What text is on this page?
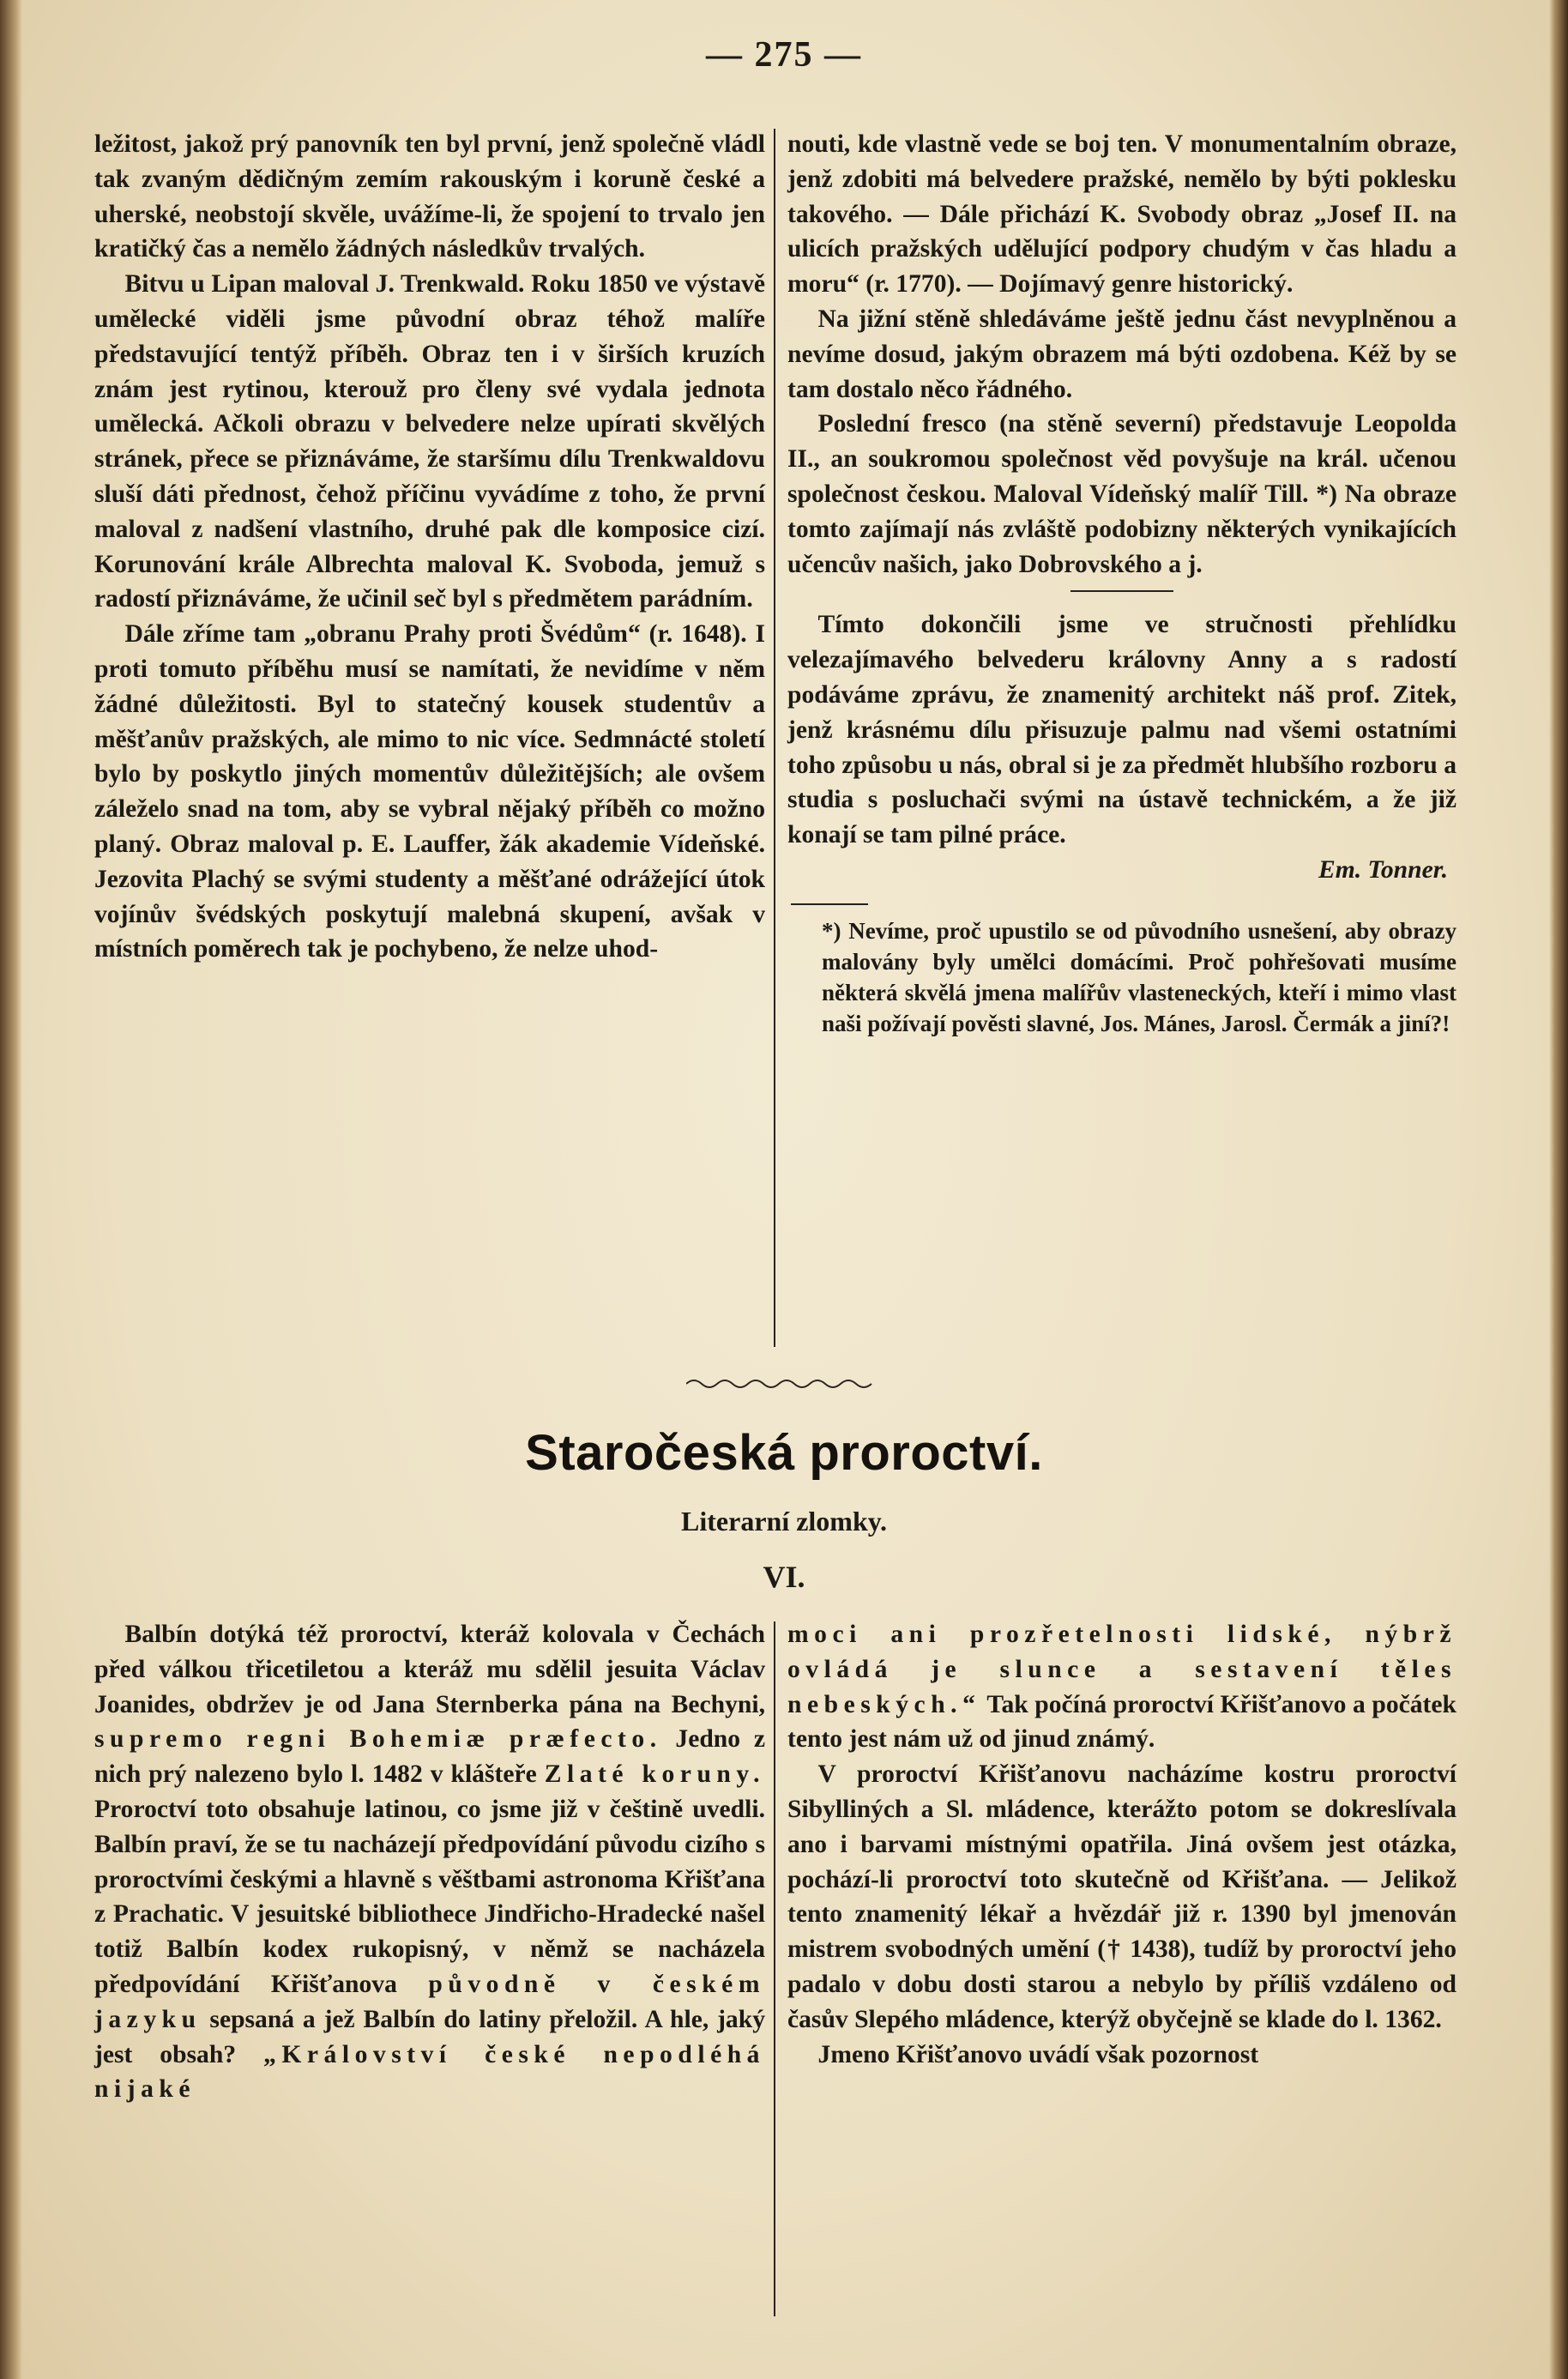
— 275 —

ležitost, jakož prý panovník ten byl první, jenž společně vládl tak zvaným dědičným zemím rakouským i koruně české a uherské, neobstojí skvěle, uvážíme-li, že spojení to trvalo jen kratičký čas a nemělo žádných následkův trvalých.

Bitvu u Lipan maloval J. Trenkwald. Roku 1850 ve výstavě umělecké viděli jsme původní obraz téhož malíře představující tentýž příběh. Obraz ten i v širších kruzích znám jest rytinou, kterouž pro členy své vydala jednota umělecká. Ačkoli obrazu v belvedere nelze upírati skvělých stránek, přece se přiznáváme, že staršímu dílu Trenkwaldovu sluší dáti přednost, čehož příčinu vyvádíme z toho, že první maloval z nadšení vlastního, druhé pak dle komposice cizí. Korunování krále Albrechta maloval K. Svoboda, jemuž s radostí přiznáváme, že učinil seč byl s předmětem parádním.

Dále zříme tam „obranu Prahy proti Švédům“ (r. 1648). I proti tomuto příběhu musí se namítati, že nevidíme v něm žádné důležitosti. Byl to statečný kousek studentův a měšťanův pražských, ale mimo to nic více. Sedmnácté století bylo by poskytlo jiných momentův důležitějších; ale ovšem záleželo snad na tom, aby se vybral nějaký příběh co možno planý. Obraz maloval p. E. Lauffer, žák akademie Vídeňské. Jezovita Plachý se svými studenty a měšťané odrážející útok vojínův švédských poskytují malebná skupení, avšak v místních poměrech tak je pochybeno, že nelze uhod-

nouti, kde vlastně vede se boj ten. V monumentalním obraze, jenž zdobiti má belvedere pražské, nemělo by býti poklesku takového. — Dále přichází K. Svobody obraz „Josef II. na ulicích pražských udělující podpory chudým v čas hladu a moru“ (r. 1770). — Dojímavý genre historický.

Na jižní stěně shledáváme ještě jednu část nevyplněnou a nevíme dosud, jakým obrazem má býti ozdobena. Kéž by se tam dostalo něco řádného.

Poslední fresco (na stěně severní) představuje Leopolda II., an soukromou společnost věd povyšuje na král. učenou společnost českou. Maloval Vídeňský malíř Till. *) Na obraze tomto zajímají nás zvláště podobizny některých vynikajících učencův našich, jako Dobrovského a j.

Tímto dokončili jsme ve stručnosti přehlídku velezajímavého belvederu královny Anny a s radostí podáváme zprávu, že znamenitý architekt náš prof. Zitek, jenž krásnému dílu přisuzuje palmu nad všemi ostatními toho způsobu u nás, obral si je za předmět hlubšího rozboru a studia s posluchači svými na ústavě technickém, a že již konají se tam pilné práce.

Em. Tonner.

*) Nevíme, proč upustilo se od původního usnešení, aby obrazy malovány byly umělci domácími. Proč pohřešovati musíme některá skvělá jmena malířův vlasteneckých, kteří i mimo vlast naši požívají pověsti slavné, Jos. Mánes, Jarosl. Čermák a jiní?!

Staročeská proroctví.
Literarní zlomky.
VI.

Balbín dotýká též proroctví, kteráž kolovala v Čechách před válkou třicetiletou a kteráž mu sdělil jesuita Václav Joanides, obdržev je od Jana Sternberka pána na Bechyni, supremo regni Bohemiæ præfecto. Jedno z nich prý nalezeno bylo l. 1482 v klášteře Zlaté koruny. Proroctví toto obsahuje latinou, co jsme již v češtině uvedli. Balbín praví, že se tu nacházejí předpovídání původu cizího s proroctvími českými a hlavně s věštbami astronoma Křišťana z Prachatic. V jesuitské bibliothece Jindřicho-Hradecké našel totiž Balbín kodex rukopisný, v němž se nacházela předpovídání Křišťanova původně v českém jazyku sepsaná a jež Balbín do latiny přeložil. A hle, jaký jest obsah? „Království české nepodléhá nijaké

moci ani prozřetelnosti lidské, nýbrž ovládá je slunce a sestavení těles nebeských.“ Tak počíná proroctví Křišťanovo a počátek tento jest nám už od jinud známý.

V proroctví Křišťanovu nacházíme kostru proroctví Sibylliných a Sl. mládence, kterážto potom se dokreslívala ano i barvami místnými opatřila. Jiná ovšem jest otázka, pochází-li proroctví toto skutečně od Křišťana. — Jelikož tento znamenitý lékař a hvězdář již r. 1390 byl jmenován mistrem svobodných umění († 1438), tudíž by proroctví jeho padalo v dobu dosti starou a nebylo by příliš vzdáleno od časův Slepého mládence, kterýž obyčejně se klade do l. 1362.

Jmeno Křišťanovo uvádí však pozornost
